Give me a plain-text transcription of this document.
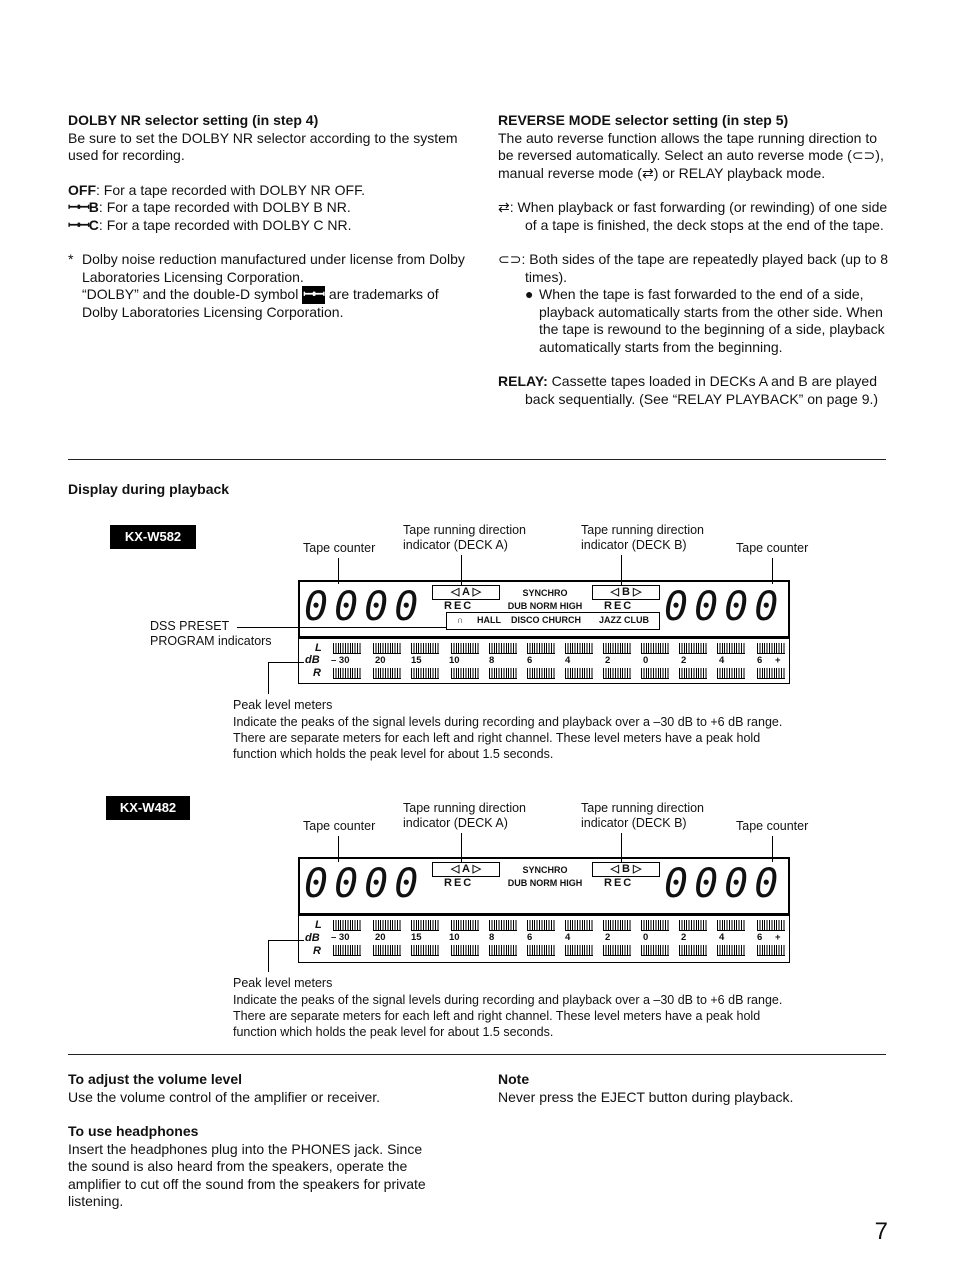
DOLBY NR selector setting (in step 4)

Be sure to set the DOLBY NR selector according to the system used for recording.

OFF: For a tape recorded with DOLBY NR OFF.

ꟷꟷB: For a tape recorded with DOLBY B NR.

ꟷꟷC: For a tape recorded with DOLBY C NR.

* Dolby noise reduction manufactured under license from Dolby Laboratories Licensing Corporation.

“DOLBY” and the double-D symbol ꟷꟷ are trademarks of Dolby Laboratories Licensing Corporation.

REVERSE MODE selector setting (in step 5)

The auto reverse function allows the tape running direction to be reversed automatically. Select an auto reverse mode (⊂⊃), manual reverse mode (⇄) or RELAY playback mode.

⇄: When playback or fast forwarding (or rewinding) of one side of a tape is finished, the deck stops at the end of the tape.

⊂⊃: Both sides of the tape are repeatedly played back (up to 8 times).

● When the tape is fast forwarded to the end of a side, playback automatically starts from the other side. When the tape is rewound to the beginning of a side, playback automatically starts from the beginning.

RELAY: Cassette tapes loaded in DECKs A and B are played back sequentially. (See “RELAY PLAYBACK” on page 9.)

Display during playback

KX-W582
Tape counter
Tape running direction indicator (DECK A)
Tape running direction indicator (DECK B)	Tape counter
DSS PRESET PROGRAM indicators
0000	◁ A ▷
REC
SYNCHRO
DUB NORM HIGH
◁ B ▷
REC
∩ HALL DISCO CHURCH JAZZ CLUB 0000
L
dB
R
– 30	20	15	10	8	6	4	2	0	2	4	6 +
Peak level meters
Indicate the peaks of the signal levels during recording and playback over a –30 dB to +6 dB range. There are separate meters for each left and right channel. These level meters have a peak hold function which holds the peak level for about 1.5 seconds.
KX-W482
Tape counter
Tape running direction indicator (DECK A)
Tape running direction indicator (DECK B)	Tape counter
0000	◁ A ▷
REC
SYNCHRO
DUB NORM HIGH
◁ B ▷
REC 0000
L
dB
R
– 30	20	15	10	8	6	4	2	0	2	4	6 +
Peak level meters
Indicate the peaks of the signal levels during recording and playback over a –30 dB to +6 dB range. There are separate meters for each left and right channel. These level meters have a peak hold function which holds the peak level for about 1.5 seconds.

To adjust the volume level

Use the volume control of the amplifier or receiver.

To use headphones

Insert the headphones plug into the PHONES jack. Since the sound is also heard from the speakers, operate the amplifier to cut off the sound from the speakers for private listening.

Note

Never press the EJECT button during playback.

7
